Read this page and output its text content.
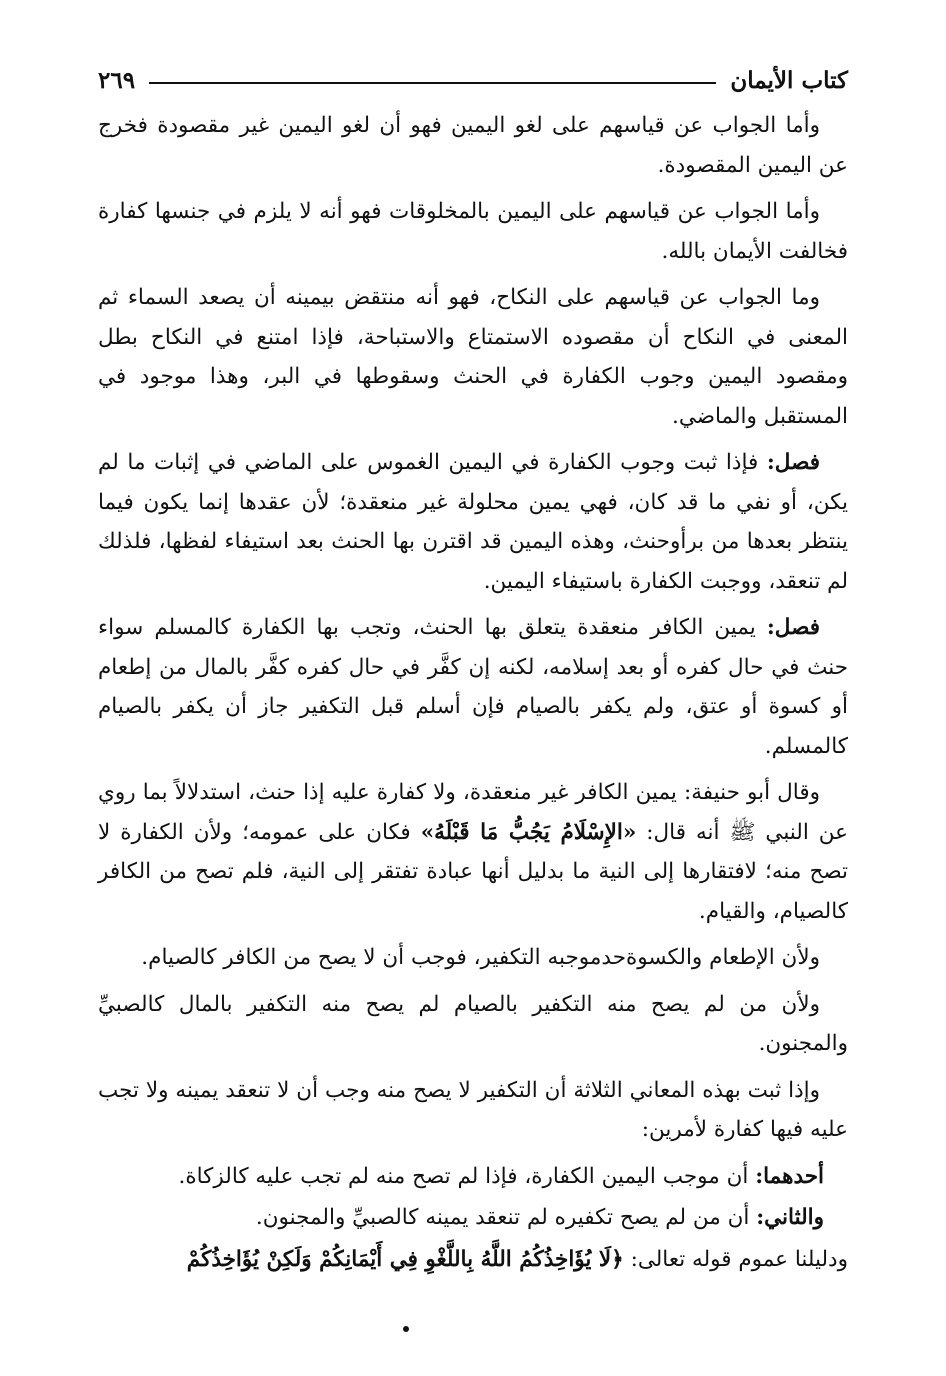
كتاب الأيمان
٢٦٩

وأما الجواب عن قياسهم على لغو اليمين فهو أن لغو اليمين غير مقصودة فخرج عن اليمين المقصودة.

وأما الجواب عن قياسهم على اليمين بالمخلوقات فهو أنه لا يلزم في جنسها كفارة فخالفت الأيمان بالله.

وما الجواب عن قياسهم على النكاح، فهو أنه منتقض بيمينه أن يصعد السماء ثم المعنى في النكاح أن مقصوده الاستمتاع والاستباحة، فإذا امتنع في النكاح بطل ومقصود اليمين وجوب الكفارة في الحنث وسقوطها في البر، وهذا موجود في المستقبل والماضي.

فصل: فإذا ثبت وجوب الكفارة في اليمين الغموس على الماضي في إثبات ما لم يكن، أو نفي ما قد كان، فهي يمين محلولة غير منعقدة؛ لأن عقدها إنما يكون فيما ينتظر بعدها من برأوحنث، وهذه اليمين قد اقترن بها الحنث بعد استيفاء لفظها، فلذلك لم تنعقد، ووجبت الكفارة باستيفاء اليمين.

فصل: يمين الكافر منعقدة يتعلق بها الحنث، وتجب بها الكفارة كالمسلم سواء حنث في حال كفره أو بعد إسلامه، لكنه إن كفَّر في حال كفره كفَّر بالمال من إطعام أو كسوة أو عتق، ولم يكفر بالصيام فإن أسلم قبل التكفير جاز أن يكفر بالصيام كالمسلم.

وقال أبو حنيفة: يمين الكافر غير منعقدة، ولا كفارة عليه إذا حنث، استدلالاً بما روي عن النبي ﷺ أنه قال: «الإِسْلَامُ يَجُبُّ مَا قَبْلَهُ» فكان على عمومه؛ ولأن الكفارة لا تصح منه؛ لافتقارها إلى النية ما بدليل أنها عبادة تفتقر إلى النية، فلم تصح من الكافر كالصيام، والقيام.

ولأن الإطعام والكسوةحدموجبه التكفير، فوجب أن لا يصح من الكافر كالصيام.

ولأن من لم يصح منه التكفير بالصيام لم يصح منه التكفير بالمال كالصبيِّ والمجنون.

وإذا ثبت بهذه المعاني الثلاثة أن التكفير لا يصح منه وجب أن لا تنعقد يمينه ولا تجب عليه فيها كفارة لأمرين:

أحدهما: أن موجب اليمين الكفارة، فإذا لم تصح منه لم تجب عليه كالزكاة.

والثاني: أن من لم يصح تكفيره لم تنعقد يمينه كالصبيِّ والمجنون.

ودليلنا عموم قوله تعالى: ﴿لَا يُؤَاخِذُكُمُ اللَّهُ بِاللَّغْوِ فِي أَيْمَانِكُمْ وَلَكِنْ يُؤَاخِذُكُمْ
